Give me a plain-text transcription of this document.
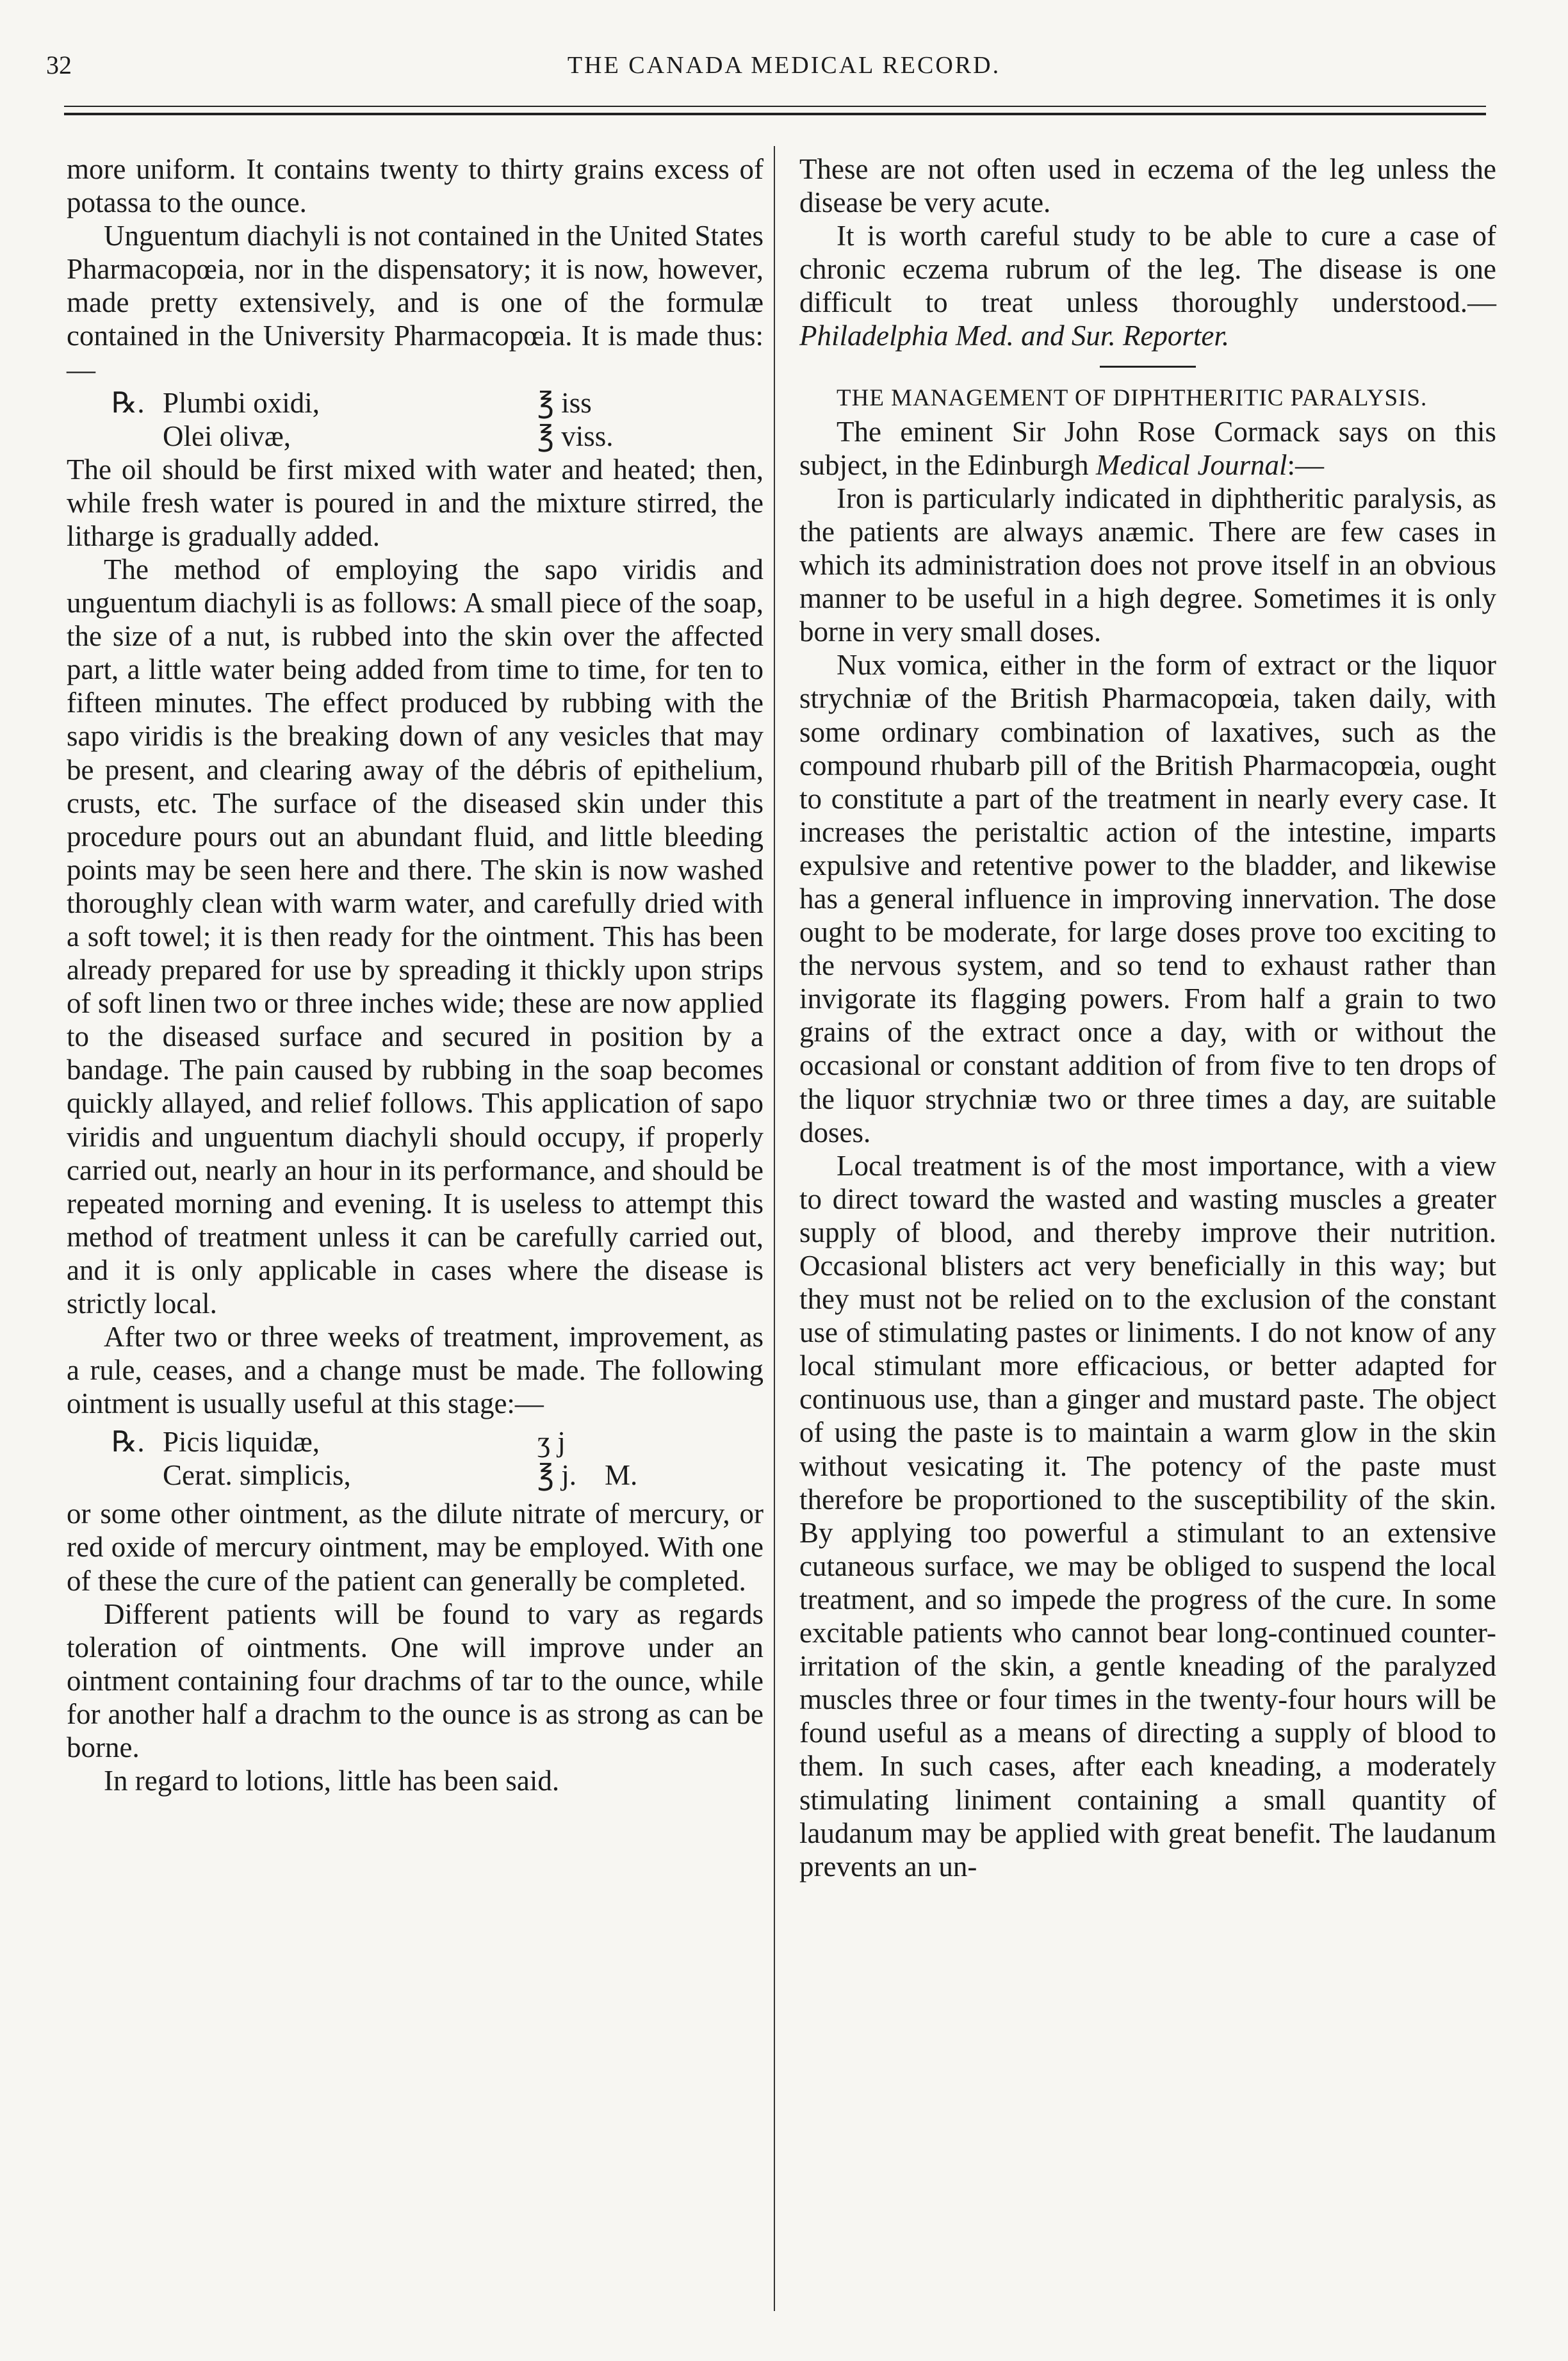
32	THE CANADA MEDICAL RECORD.

more uniform. It contains twenty to thirty grains excess of potassa to the ounce.

Unguentum diachyli is not contained in the United States Pharmacopœia, nor in the dispensatory; it is now, however, made pretty extensively, and is one of the formulæ contained in the University Pharmacopœia. It is made thus:—

℞. Plumbi oxidi,	℥ iss
Olei olivæ,	℥ viss.

The oil should be first mixed with water and heated; then, while fresh water is poured in and the mixture stirred, the litharge is gradually added.

The method of employing the sapo viridis and unguentum diachyli is as follows: A small piece of the soap, the size of a nut, is rubbed into the skin over the affected part, a little water being added from time to time, for ten to fifteen minutes. The effect produced by rubbing with the sapo viridis is the breaking down of any vesicles that may be present, and clearing away of the débris of epithelium, crusts, etc. The surface of the diseased skin under this procedure pours out an abundant fluid, and little bleeding points may be seen here and there. The skin is now washed thoroughly clean with warm water, and carefully dried with a soft towel; it is then ready for the ointment. This has been already prepared for use by spreading it thickly upon strips of soft linen two or three inches wide; these are now applied to the diseased surface and secured in position by a bandage. The pain caused by rubbing in the soap becomes quickly allayed, and relief follows. This application of sapo viridis and unguentum diachyli should occupy, if properly carried out, nearly an hour in its performance, and should be repeated morning and evening. It is useless to attempt this method of treatment unless it can be carefully carried out, and it is only applicable in cases where the disease is strictly local.

After two or three weeks of treatment, improvement, as a rule, ceases, and a change must be made. The following ointment is usually useful at this stage:—

℞. Picis liquidæ,	ʒ j
Cerat. simplicis,	℥ j. M.

or some other ointment, as the dilute nitrate of mercury, or red oxide of mercury ointment, may be employed. With one of these the cure of the patient can generally be completed.

Different patients will be found to vary as regards toleration of ointments. One will improve under an ointment containing four drachms of tar to the ounce, while for another half a drachm to the ounce is as strong as can be borne.

In regard to lotions, little has been said.

These are not often used in eczema of the leg unless the disease be very acute.

It is worth careful study to be able to cure a case of chronic eczema rubrum of the leg. The disease is one difficult to treat unless thoroughly understood.—Philadelphia Med. and Sur. Reporter.

THE MANAGEMENT OF DIPHTHERITIC PARALYSIS.

The eminent Sir John Rose Cormack says on this subject, in the Edinburgh Medical Journal:—

Iron is particularly indicated in diphtheritic paralysis, as the patients are always anæmic. There are few cases in which its administration does not prove itself in an obvious manner to be useful in a high degree. Sometimes it is only borne in very small doses.

Nux vomica, either in the form of extract or the liquor strychniæ of the British Pharmacopœia, taken daily, with some ordinary combination of laxatives, such as the compound rhubarb pill of the British Pharmacopœia, ought to constitute a part of the treatment in nearly every case. It increases the peristaltic action of the intestine, imparts expulsive and retentive power to the bladder, and likewise has a general influence in improving innervation. The dose ought to be moderate, for large doses prove too exciting to the nervous system, and so tend to exhaust rather than invigorate its flagging powers. From half a grain to two grains of the extract once a day, with or without the occasional or constant addition of from five to ten drops of the liquor strychniæ two or three times a day, are suitable doses.

Local treatment is of the most importance, with a view to direct toward the wasted and wasting muscles a greater supply of blood, and thereby improve their nutrition. Occasional blisters act very beneficially in this way; but they must not be relied on to the exclusion of the constant use of stimulating pastes or liniments. I do not know of any local stimulant more efficacious, or better adapted for continuous use, than a ginger and mustard paste. The object of using the paste is to maintain a warm glow in the skin without vesicating it. The potency of the paste must therefore be proportioned to the susceptibility of the skin. By applying too powerful a stimulant to an extensive cutaneous surface, we may be obliged to suspend the local treatment, and so impede the progress of the cure. In some excitable patients who cannot bear long-continued counter-irritation of the skin, a gentle kneading of the paralyzed muscles three or four times in the twenty-four hours will be found useful as a means of directing a supply of blood to them. In such cases, after each kneading, a moderately stimulating liniment containing a small quantity of laudanum may be applied with great benefit. The laudanum prevents an un-
